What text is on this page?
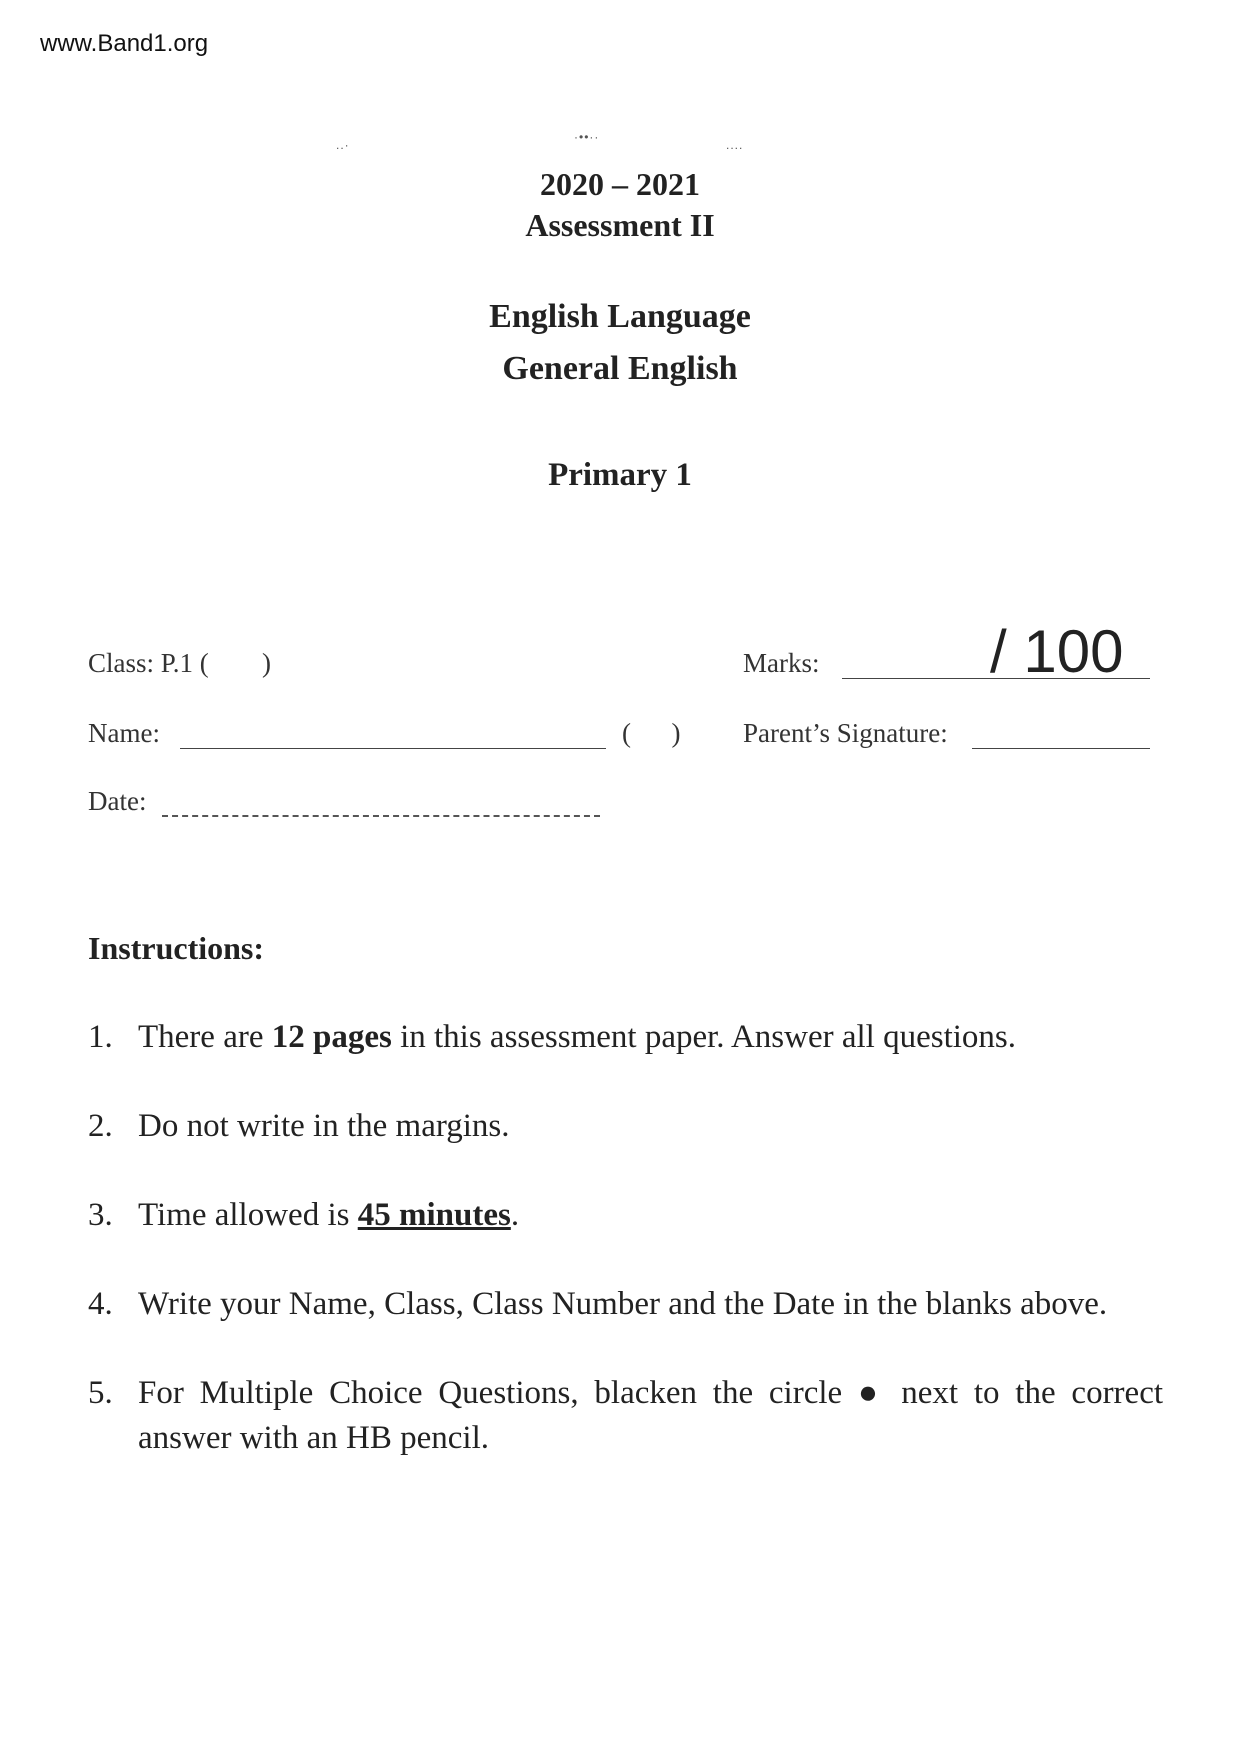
www.Band1.org
..·
·••··
....
2020 – 2021
Assessment II
English Language
General English
Primary 1
Class: P.1 ( )	Marks:	/ 100
Name:	(      ) Parent’s Signature:
Date:
Instructions:
1. There are 12 pages in this assessment paper. Answer all questions.
2. Do not write in the margins.
3. Time allowed is 45 minutes.
4. Write your Name, Class, Class Number and the Date in the blanks above.
5. For Multiple Choice Questions, blacken the circle ● next to the correct answer with an HB pencil.
